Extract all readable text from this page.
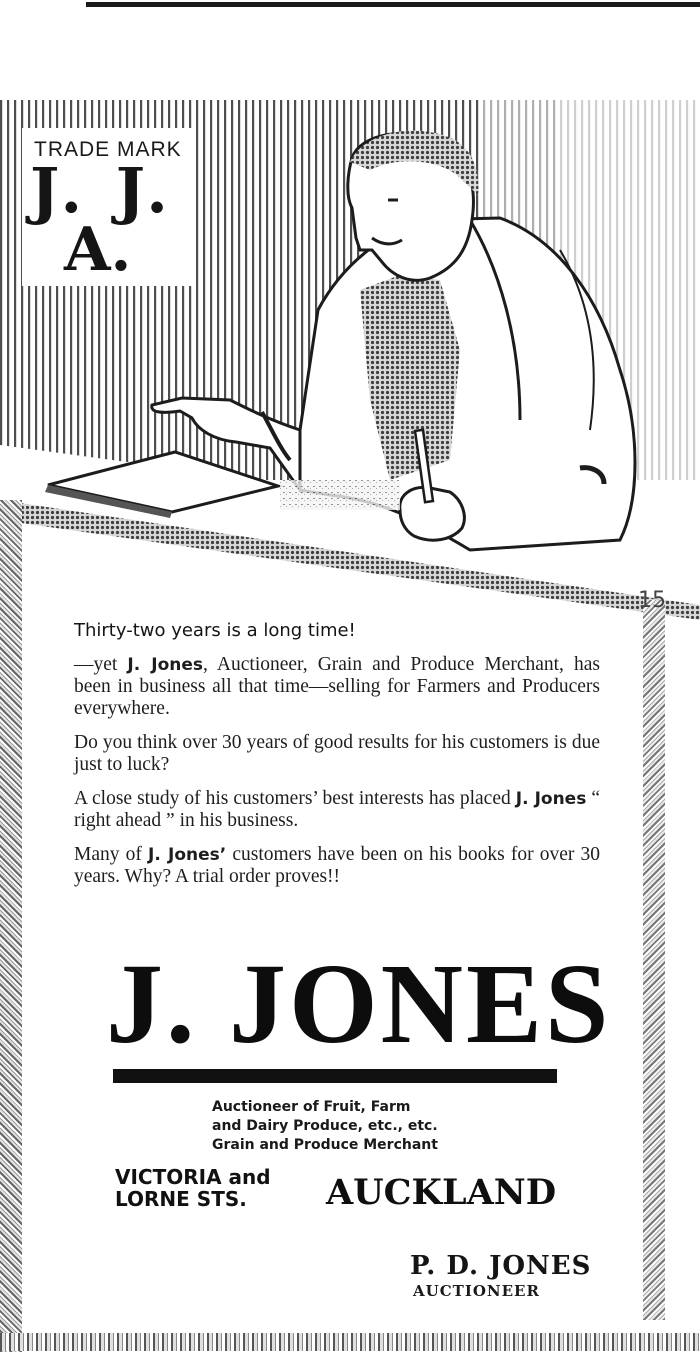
TRADE MARK
J. J.
A.
15

Thirty-two years is a long time!

—yet J. Jones, Auctioneer, Grain and Produce Merchant, has been in business all that time—selling for Farmers and Producers everywhere.

Do you think over 30 years of good results for his customers is due just to luck?

A close study of his customers’ best interests has placed J. Jones “ right ahead ” in his business.

Many of J. Jones’ customers have been on his books for over 30 years. Why? A trial order proves!!

J. JONES
Auctioneer of Fruit, Farm
and Dairy Produce, etc., etc.
Grain and Produce Merchant
VICTORIA and
LORNE STS.	AUCKLAND
P. D. JONES
AUCTIONEER
